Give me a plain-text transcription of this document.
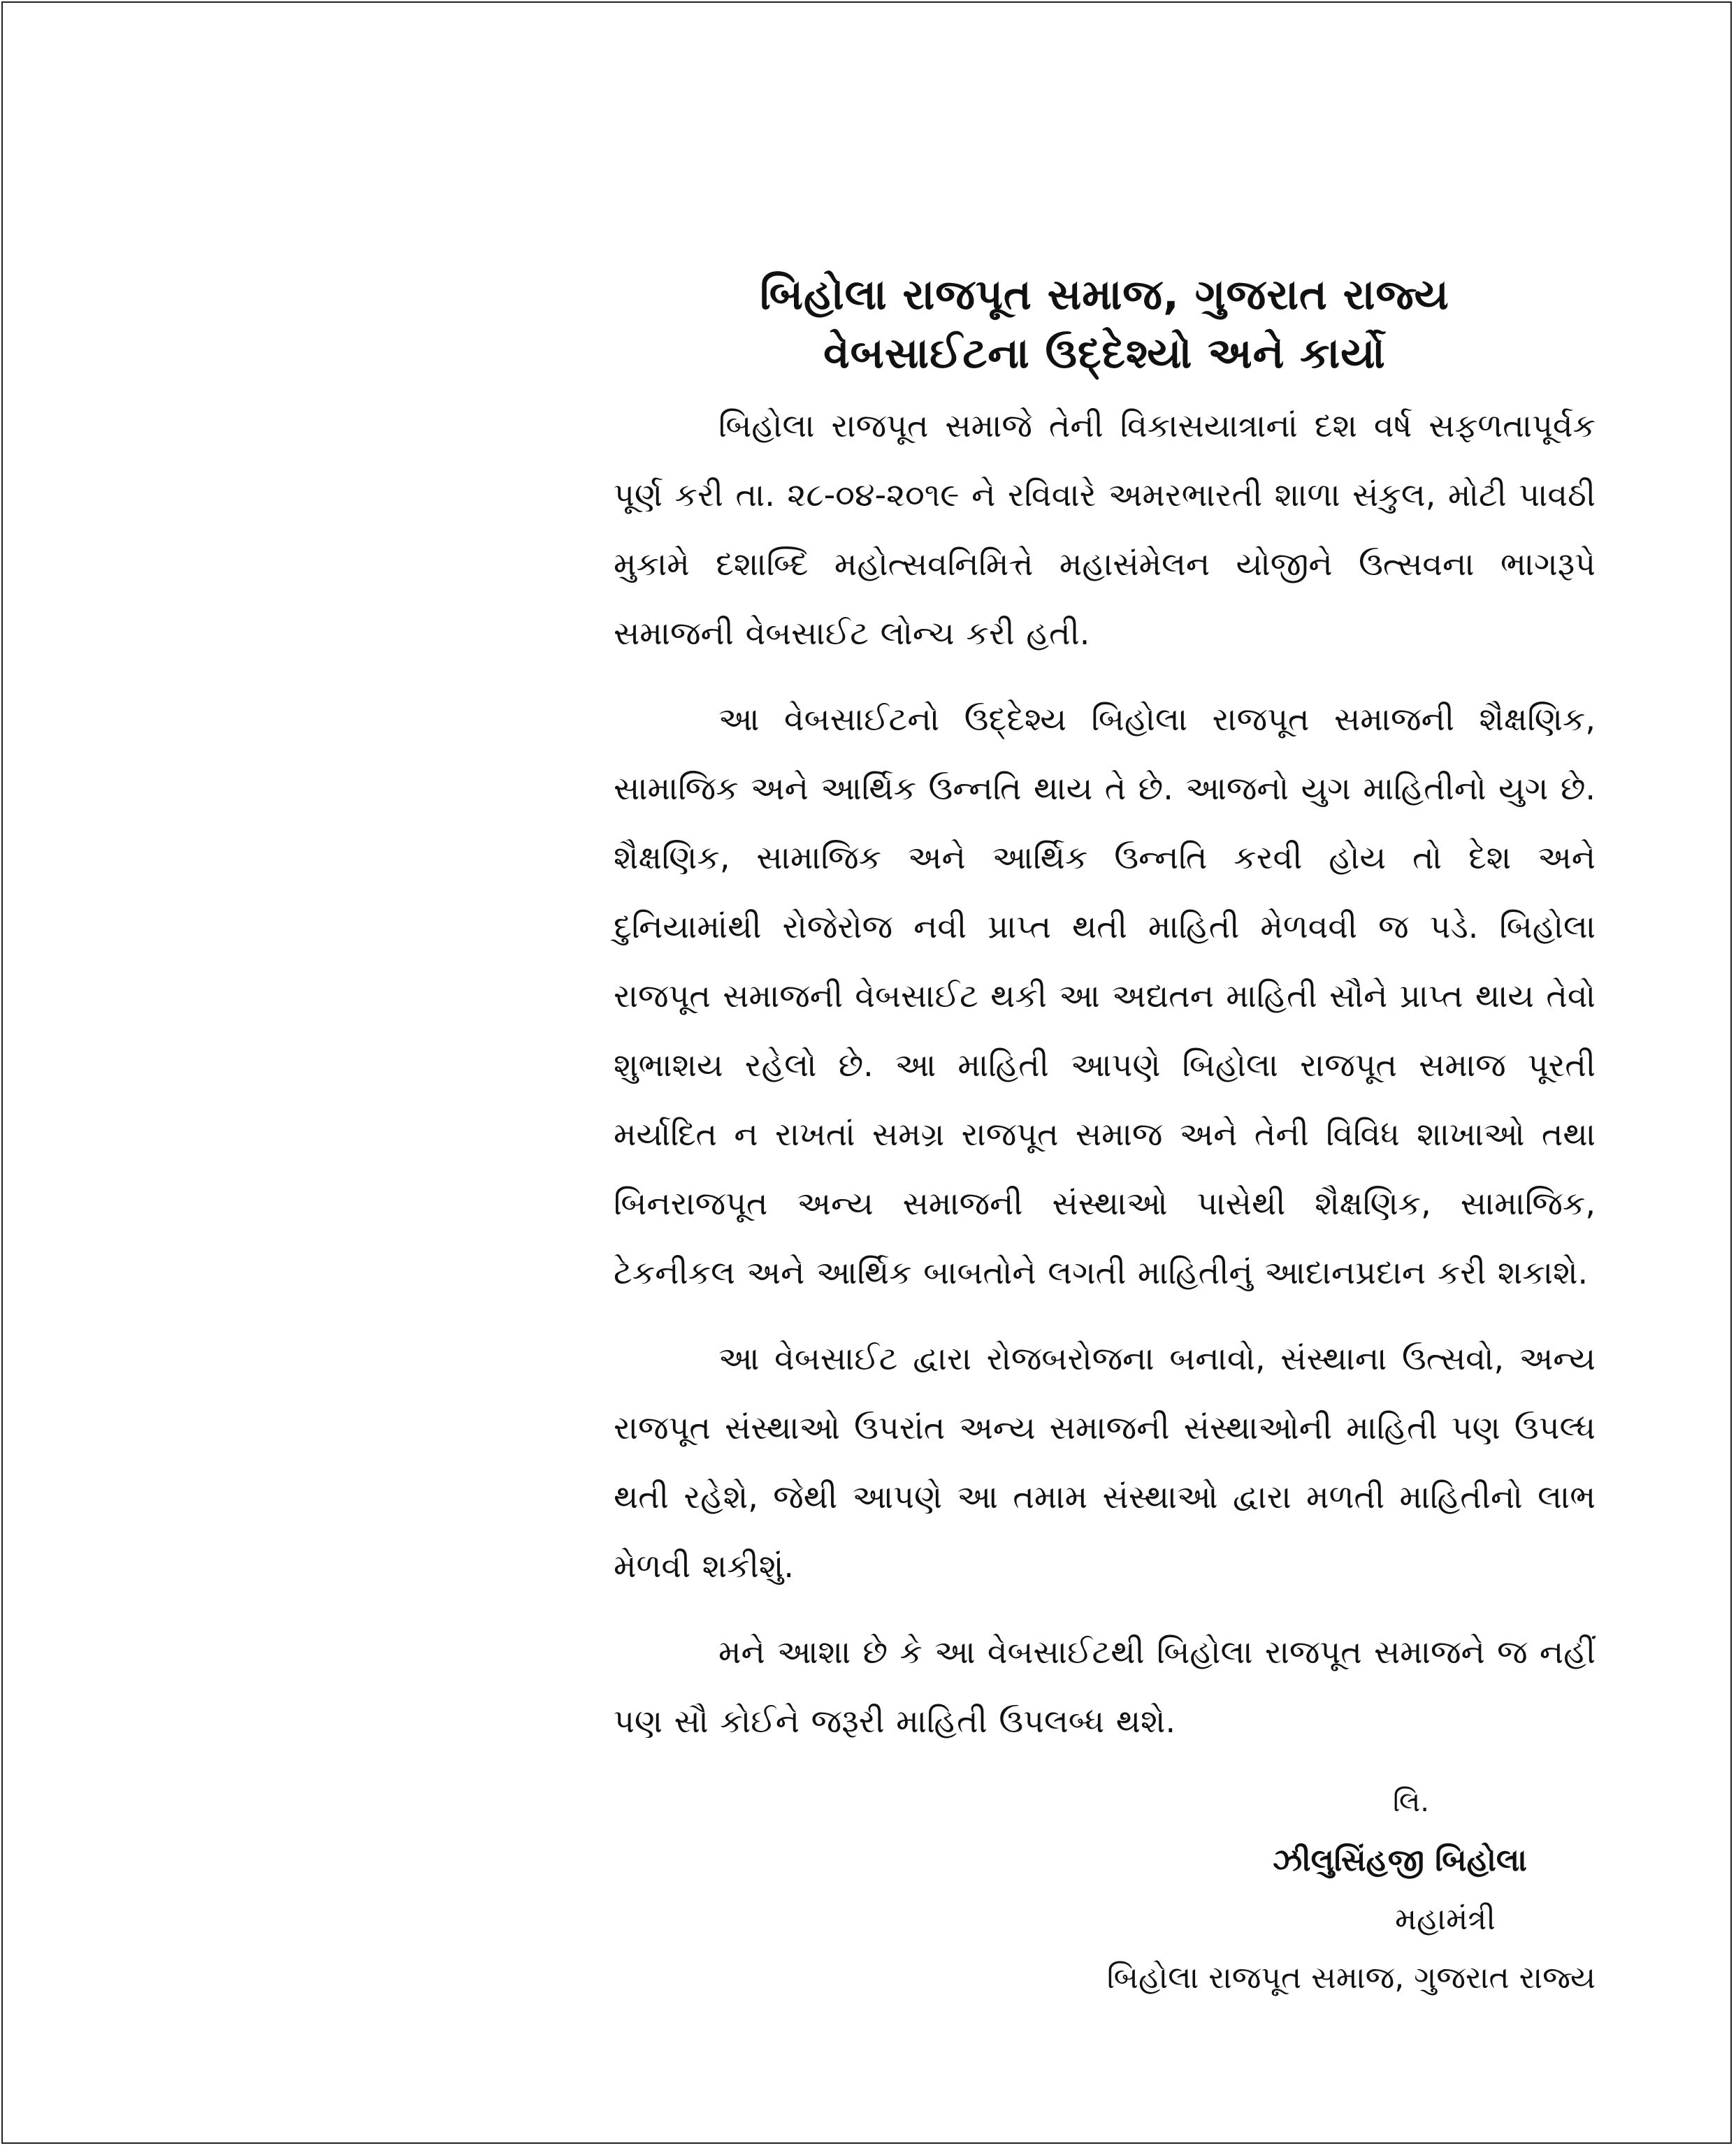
બિહોલા રાજપૂત સમાજ, ગુજરાત રાજ્ય
વેબસાઈટના ઉદ્દેશ્યો અને કાર્યો

બિહોલા રાજપૂત સમાજે તેની વિકાસયાત્રાનાં દશ વર્ષ સફળતાપૂર્વક પૂર્ણ કરી તા. ૨૮-૦૪-૨૦૧૯ ને રવિવારે અમરભારતી શાળા સંકુલ, મોટી પાવઠી મુકામે દશાબ્દિ મહોત્સવનિમિત્તે મહાસંમેલન યોજીને ઉત્સવના ભાગરૂપે સમાજની વેબસાઈટ લોન્ચ કરી હતી.

આ વેબસાઈટનો ઉદ્દેશ્ય બિહોલા રાજપૂત સમાજની શૈક્ષણિક, સામાજિક અને આર્થિક ઉન્નતિ થાય તે છે. આજનો યુગ માહિતીનો યુગ છે. શૈક્ષણિક, સામાજિક અને આર્થિક ઉન્નતિ કરવી હોય તો દેશ અને દુનિયામાંથી રોજેરોજ નવી પ્રાપ્ત થતી માહિતી મેળવવી જ પડે. બિહોલા રાજપૂત સમાજની વેબસાઈટ થકી આ અદ્યતન માહિતી સૌને પ્રાપ્ત થાય તેવો શુભાશય રહેલો છે. આ માહિતી આપણે બિહોલા રાજપૂત સમાજ પૂરતી મર્યાદિત ન રાખતાં સમગ્ર રાજપૂત સમાજ અને તેની વિવિધ શાખાઓ તથા બિનરાજપૂત અન્ય સમાજની સંસ્થાઓ પાસેથી શૈક્ષણિક, સામાજિક, ટેકનીકલ અને આર્થિક બાબતોને લગતી માહિતીનું આદાનપ્રદાન કરી શકાશે.

આ વેબસાઈટ દ્વારા રોજબરોજના બનાવો, સંસ્થાના ઉત્સવો, અન્ય રાજપૂત સંસ્થાઓ ઉપરાંત અન્ય સમાજની સંસ્થાઓની માહિતી પણ ઉપલ્ધ થતી રહેશે, જેથી આપણે આ તમામ સંસ્થાઓ દ્વારા મળતી માહિતીનો લાભ મેળવી શકીશું.

મને આશા છે કે આ વેબસાઈટથી બિહોલા રાજપૂત સમાજને જ નહીં પણ સૌ કોઈને જરૂરી માહિતી ઉપલબ્ધ થશે.

લિ.
ઝીલુસિંહજી બિહોલા
મહામંત્રી
બિહોલા રાજપૂત સમાજ, ગુજરાત રાજ્ય
